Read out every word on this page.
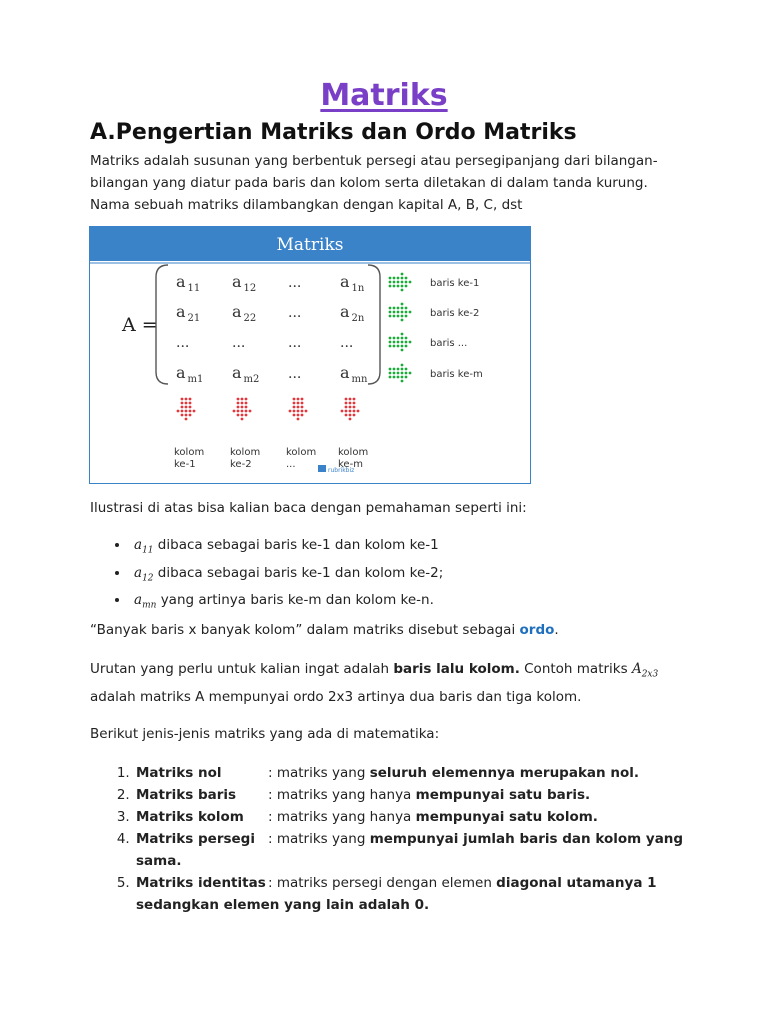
Matriks
A.Pengertian Matriks dan Ordo Matriks
Matriks adalah susunan yang berbentuk persegi atau persegipanjang dari bilangan-bilangan yang diatur pada baris dan kolom serta diletakan di dalam tanda kurung. Nama sebuah matriks dilambangkan dengan kapital A, B, C, dst
Matriks
A =
a $_{11}$ a $_{12}$ ... a $_{1n}$
a $_{21}$ a $_{22}$ ... a $_{2n}$
...	...	...	...
a $_{m1}$ a $_{m2}$ ... a $_{mn}$
baris ke-1
baris ke-2
baris ...
baris ke-m
kolom ke-1
kolom ke-2
kolom ...
kolom ke-m
rubrikbiz
Ilustrasi di atas bisa kalian baca dengan pemahaman seperti ini:
• $a_{11}$ dibaca sebagai baris ke-1 dan kolom ke-1
• $a_{12}$ dibaca sebagai baris ke-1 dan kolom ke-2;
• $a_{mn}$ yang artinya baris ke-m dan kolom ke-n.
“Banyak baris x banyak kolom” dalam matriks disebut sebagai ordo.
Urutan yang perlu untuk kalian ingat adalah baris lalu kolom. Contoh matriks $A_{2x3}$
adalah matriks A mempunyai ordo 2x3 artinya dua baris dan tiga kolom.
Berikut jenis-jenis matriks yang ada di matematika:
1. Matriks nol	: matriks yang seluruh elemennya merupakan nol.
2. Matriks baris : matriks yang hanya mempunyai satu baris.
3. Matriks kolom : matriks yang hanya mempunyai satu kolom.
4. Matriks persegi : matriks yang mempunyai jumlah baris dan kolom yang sama.
5. Matriks identitas : matriks persegi dengan elemen diagonal utamanya 1 sedangkan elemen yang lain adalah 0.
